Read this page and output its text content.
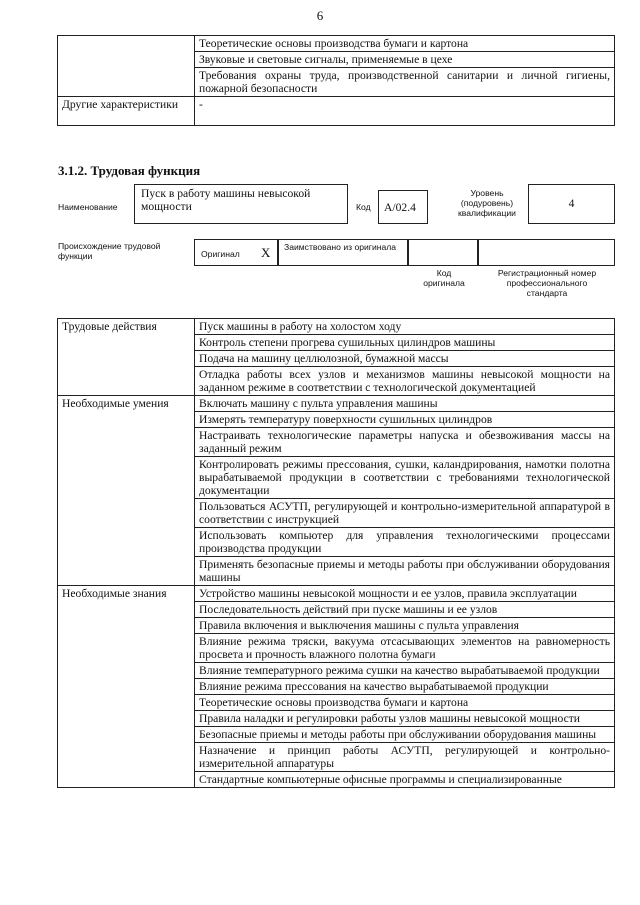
6
	Теоретические основы производства бумаги и картона
	Звуковые и световые сигналы, применяемые в цехе
	Требования охраны труда, производственной санитарии и личной гигиены, пожарной безопасности
Другие характеристики	-
3.1.2. Трудовая функция
Наименование
Пуск в работу машины невысокой мощности	Код	А/02.4
Уровень (подуровень) квалификации
4
Происхождение трудовой функции	Оригинал X Заимствовано из оригинала
Код оригинала
Регистрационный номер профессионального стандарта
Трудовые действия	Пуск машины в работу на холостом ходу
	Контроль степени прогрева сушильных цилиндров машины
	Подача на машину целлюлозной, бумажной массы
	Отладка работы всех узлов и механизмов машины невысокой мощности на заданном режиме в соответствии с технологической документацией
Необходимые умения	Включать машину с пульта управления машины
	Измерять температуру поверхности сушильных цилиндров
	Настраивать технологические параметры напуска и обезвоживания массы на заданный режим
	Контролировать режимы прессования, сушки, каландрирования, намотки полотна вырабатываемой продукции в соответствии с требованиями технологической документации
	Пользоваться АСУТП, регулирующей и контрольно-измерительной аппаратурой в соответствии с инструкцией
	Использовать компьютер для управления технологическими процессами производства продукции
	Применять безопасные приемы и методы работы при обслуживании оборудования машины
Необходимые знания	Устройство машины невысокой мощности и ее узлов, правила эксплуатации
	Последовательность действий при пуске машины и ее узлов
	Правила включения и выключения машины с пульта управления
	Влияние режима тряски, вакуума отсасывающих элементов на равномерность просвета и прочность влажного полотна бумаги
	Влияние температурного режима сушки на качество вырабатываемой продукции
	Влияние режима прессования на качество вырабатываемой продукции
	Теоретические основы производства бумаги и картона
	Правила наладки и регулировки работы узлов машины невысокой мощности
	Безопасные приемы и методы работы при обслуживании оборудования машины
	Назначение и принцип работы АСУТП, регулирующей и контрольно-измерительной аппаратуры
	Стандартные компьютерные офисные программы и специализированные
